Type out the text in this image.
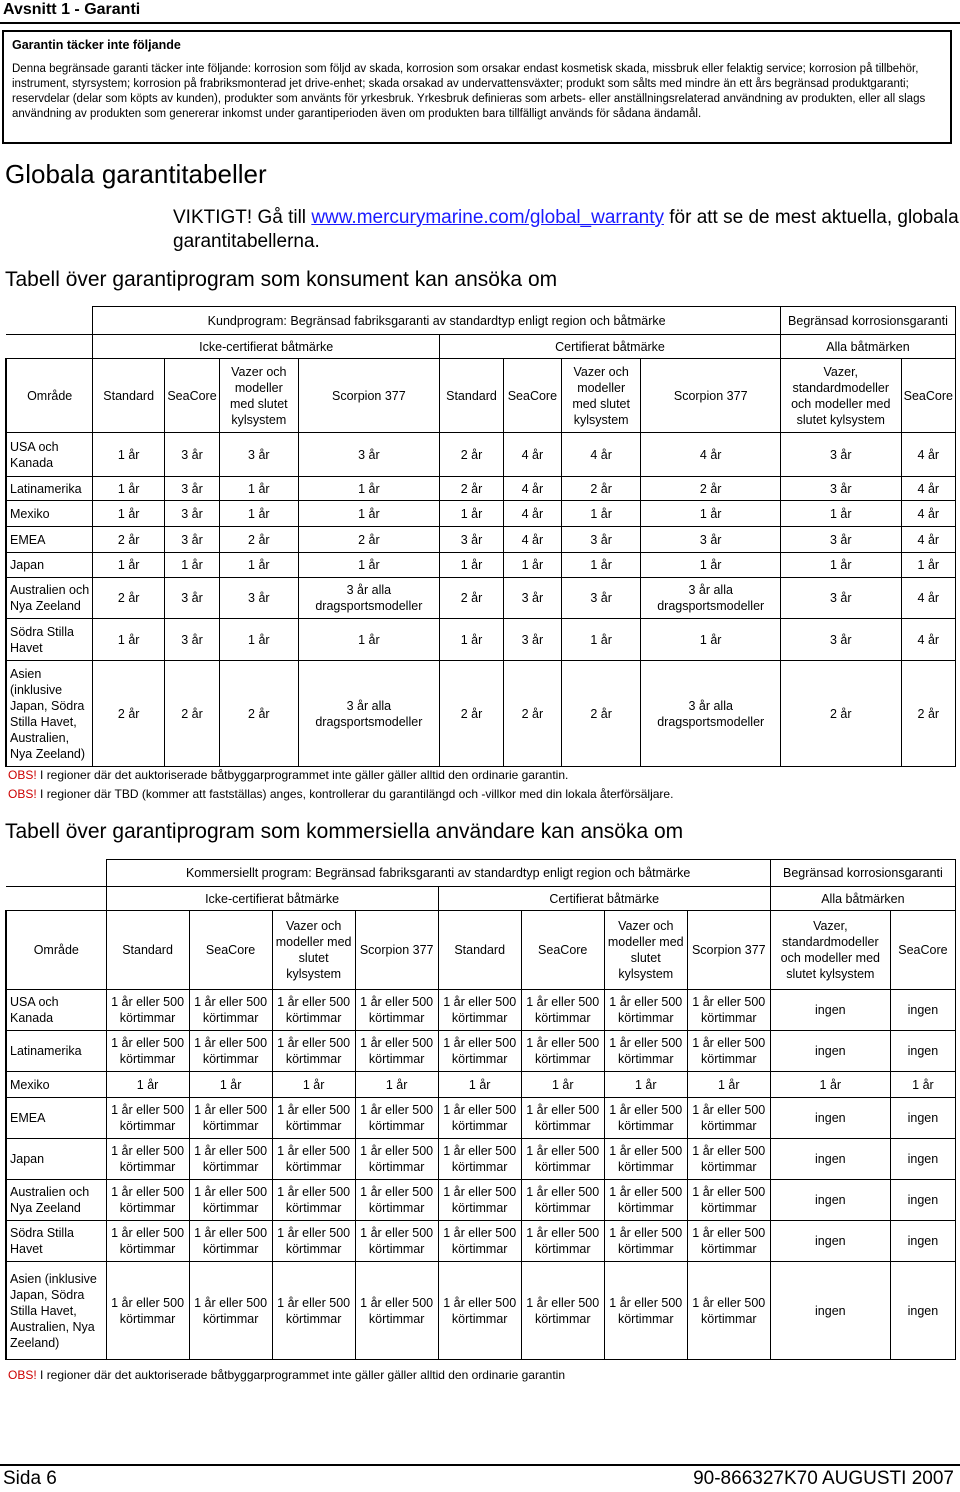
Avsnitt 1 - Garanti
Garantin täcker inte följande
Denna begränsade garanti täcker inte följande: korrosion som följd av skada, korrosion som orsakar endast kosmetisk skada, missbruk eller felaktig service; korrosion på tillbehör, instrument, styrsystem; korrosion på frabriksmonterad jet drive-enhet; skada orsakad av undervattensväxter; produkt som sålts med mindre än ett års begränsad produktgaranti; reservdelar (delar som köpts av kunden), produkter som använts för yrkesbruk. Yrkesbruk definieras som arbets- eller anställningsrelaterad användning av produkten, eller all slags användning av produkten som genererar inkomst under garantiperioden även om produkten bara tillfälligt används för sådana ändamål.
Globala garantitabeller
VIKTIGT! Gå till www.mercurymarine.com/global_warranty för att se de mest aktuella, globala garantitabellerna.
Tabell över garantiprogram som konsument kan ansöka om
	Kundprogram: Begränsad fabriksgaranti av standardtyp enligt region och båtmärke								Begränsad korrosionsgaranti	
	Icke-certifierat båtmärke				Certifierat båtmärke				Alla båtmärken	
Område	Standard	SeaCore	Vazer och modeller med slutet kylsystem	Scorpion 377	Standard	SeaCore	Vazer och modeller med slutet kylsystem	Scorpion 377	Vazer, standardmodeller och modeller med slutet kylsystem	SeaCore
USA och Kanada	1 år	3 år	3 år	3 år	2 år	4 år	4 år	4 år	3 år	4 år
Latinamerika	1 år	3 år	1 år	1 år	2 år	4 år	2 år	2 år	3 år	4 år
Mexiko	1 år	3 år	1 år	1 år	1 år	4 år	1 år	1 år	1 år	4 år
EMEA	2 år	3 år	2 år	2 år	3 år	4 år	3 år	3 år	3 år	4 år
Japan	1 år	1 år	1 år	1 år	1 år	1 år	1 år	1 år	1 år	1 år
Australien och Nya Zeeland	2 år	3 år	3 år	3 år alla dragsportsmodeller	2 år	3 år	3 år	3 år alla dragsportsmodeller	3 år	4 år
Södra Stilla Havet	1 år	3 år	1 år	1 år	1 år	3 år	1 år	1 år	3 år	4 år
Asien (inklusive Japan, Södra Stilla Havet, Australien, Nya Zeeland)	2 år	2 år	2 år	3 år alla dragsportsmodeller	2 år	2 år	2 år	3 år alla dragsportsmodeller	2 år	2 år
OBS! I regioner där det auktoriserade båtbyggarprogrammet inte gäller gäller alltid den ordinarie garantin.
OBS! I regioner där TBD (kommer att fastställas) anges, kontrollerar du garantilängd och -villkor med din lokala återförsäljare.
Tabell över garantiprogram som kommersiella användare kan ansöka om
	Kommersiellt program: Begränsad fabriksgaranti av standardtyp enligt region och båtmärke								Begränsad korrosionsgaranti	
	Icke-certifierat båtmärke				Certifierat båtmärke				Alla båtmärken	
Område	Standard	SeaCore	Vazer och modeller med slutet kylsystem	Scorpion 377	Standard	SeaCore	Vazer och modeller med slutet kylsystem	Scorpion 377	Vazer, standardmodeller och modeller med slutet kylsystem	SeaCore
USA och Kanada	1 år eller 500 körtimmar	1 år eller 500 körtimmar	1 år eller 500 körtimmar	1 år eller 500 körtimmar	1 år eller 500 körtimmar	1 år eller 500 körtimmar	1 år eller 500 körtimmar	1 år eller 500 körtimmar	ingen	ingen
Latinamerika	1 år eller 500 körtimmar	1 år eller 500 körtimmar	1 år eller 500 körtimmar	1 år eller 500 körtimmar	1 år eller 500 körtimmar	1 år eller 500 körtimmar	1 år eller 500 körtimmar	1 år eller 500 körtimmar	ingen	ingen
Mexiko	1 år	1 år	1 år	1 år	1 år	1 år	1 år	1 år	1 år	1 år
EMEA	1 år eller 500 körtimmar	1 år eller 500 körtimmar	1 år eller 500 körtimmar	1 år eller 500 körtimmar	1 år eller 500 körtimmar	1 år eller 500 körtimmar	1 år eller 500 körtimmar	1 år eller 500 körtimmar	ingen	ingen
Japan	1 år eller 500 körtimmar	1 år eller 500 körtimmar	1 år eller 500 körtimmar	1 år eller 500 körtimmar	1 år eller 500 körtimmar	1 år eller 500 körtimmar	1 år eller 500 körtimmar	1 år eller 500 körtimmar	ingen	ingen
Australien och Nya Zeeland	1 år eller 500 körtimmar	1 år eller 500 körtimmar	1 år eller 500 körtimmar	1 år eller 500 körtimmar	1 år eller 500 körtimmar	1 år eller 500 körtimmar	1 år eller 500 körtimmar	1 år eller 500 körtimmar	ingen	ingen
Södra Stilla Havet	1 år eller 500 körtimmar	1 år eller 500 körtimmar	1 år eller 500 körtimmar	1 år eller 500 körtimmar	1 år eller 500 körtimmar	1 år eller 500 körtimmar	1 år eller 500 körtimmar	1 år eller 500 körtimmar	ingen	ingen
Asien (inklusive Japan, Södra Stilla Havet, Australien, Nya Zeeland)	1 år eller 500 körtimmar	1 år eller 500 körtimmar	1 år eller 500 körtimmar	1 år eller 500 körtimmar	1 år eller 500 körtimmar	1 år eller 500 körtimmar	1 år eller 500 körtimmar	1 år eller 500 körtimmar	ingen	ingen
OBS! I regioner där det auktoriserade båtbyggarprogrammet inte gäller gäller alltid den ordinarie garantin
Sida 6	90-866327K70 AUGUSTI 2007
